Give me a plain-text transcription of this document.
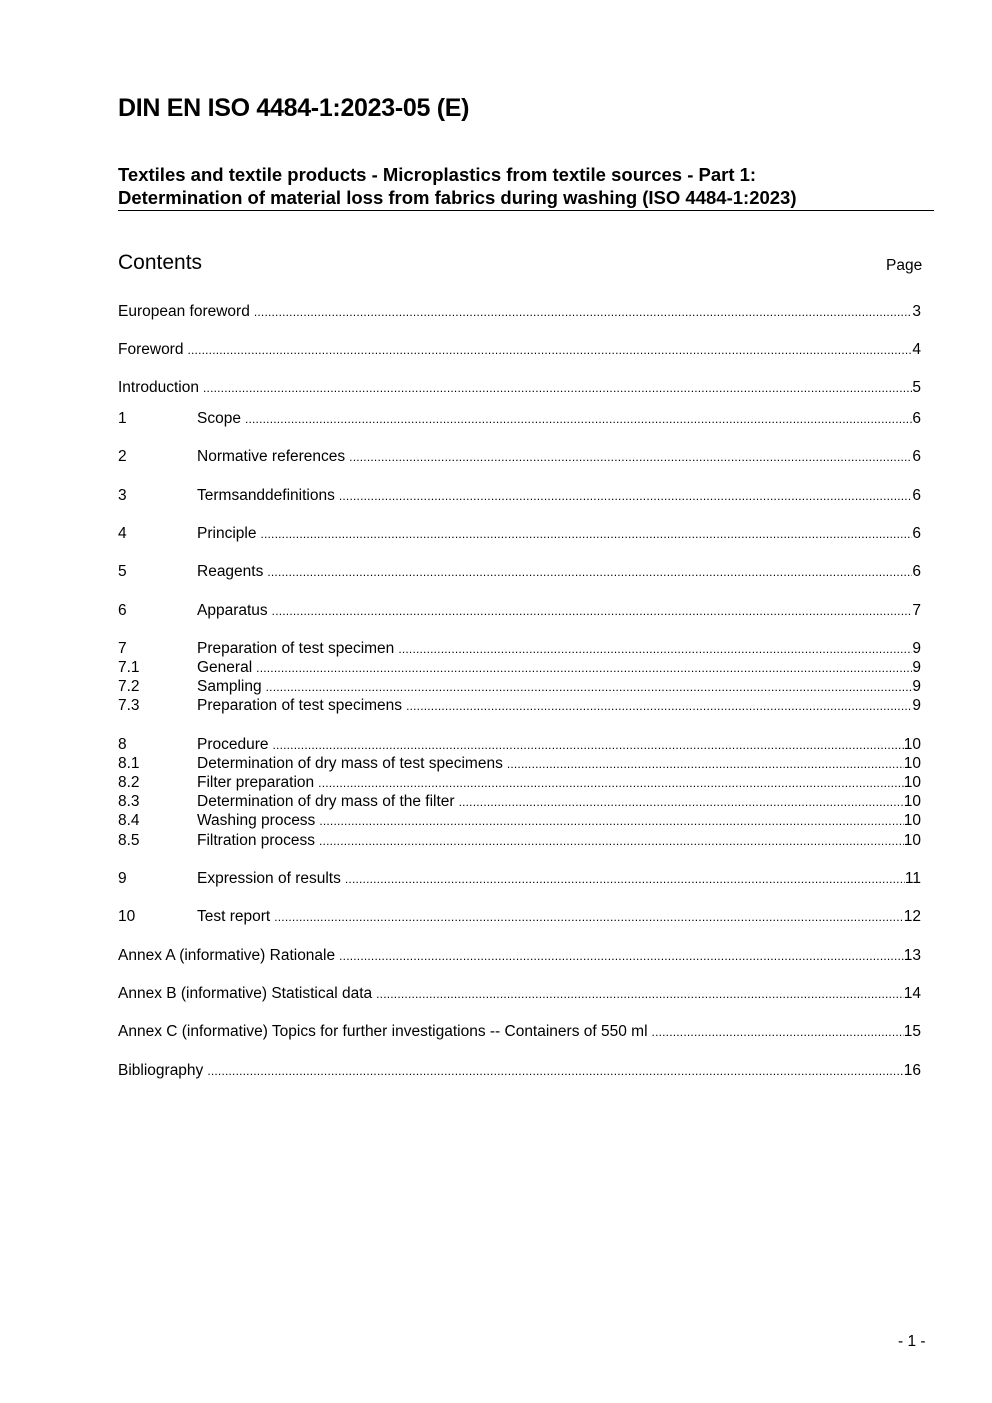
DIN EN ISO 4484-1:2023-05 (E)
Textiles and textile products - Microplastics from textile sources - Part 1:
Determination of material loss from fabrics during washing (ISO 4484-1:2023)
Contents	Page
European foreword .....	3
Foreword .....	4
Introduction .....	5
1	Scope .....	6
2	Normative references .....	6
3	Termsanddefinitions .....	6
4	Principle .....	6
5	Reagents .....	6
6	Apparatus .....	7
7	Preparation of test specimen .....	9
7.1	General .....	9
7.2	Sampling .....	9
7.3	Preparation of test specimens .....	9
8	Procedure .....	10
8.1	Determination of dry mass of test specimens .....	10
8.2	Filter preparation .....	10
8.3	Determination of dry mass of the filter .....	10
8.4	Washing process .....	10
8.5	Filtration process .....	10
9	Expression of results .....	11
10	Test report .....	12
Annex A (informative) Rationale .....	13
Annex B (informative) Statistical data .....	14
Annex C (informative) Topics for further investigations -- Containers of 550 ml .....	15
Bibliography .....	16
- 1 -
